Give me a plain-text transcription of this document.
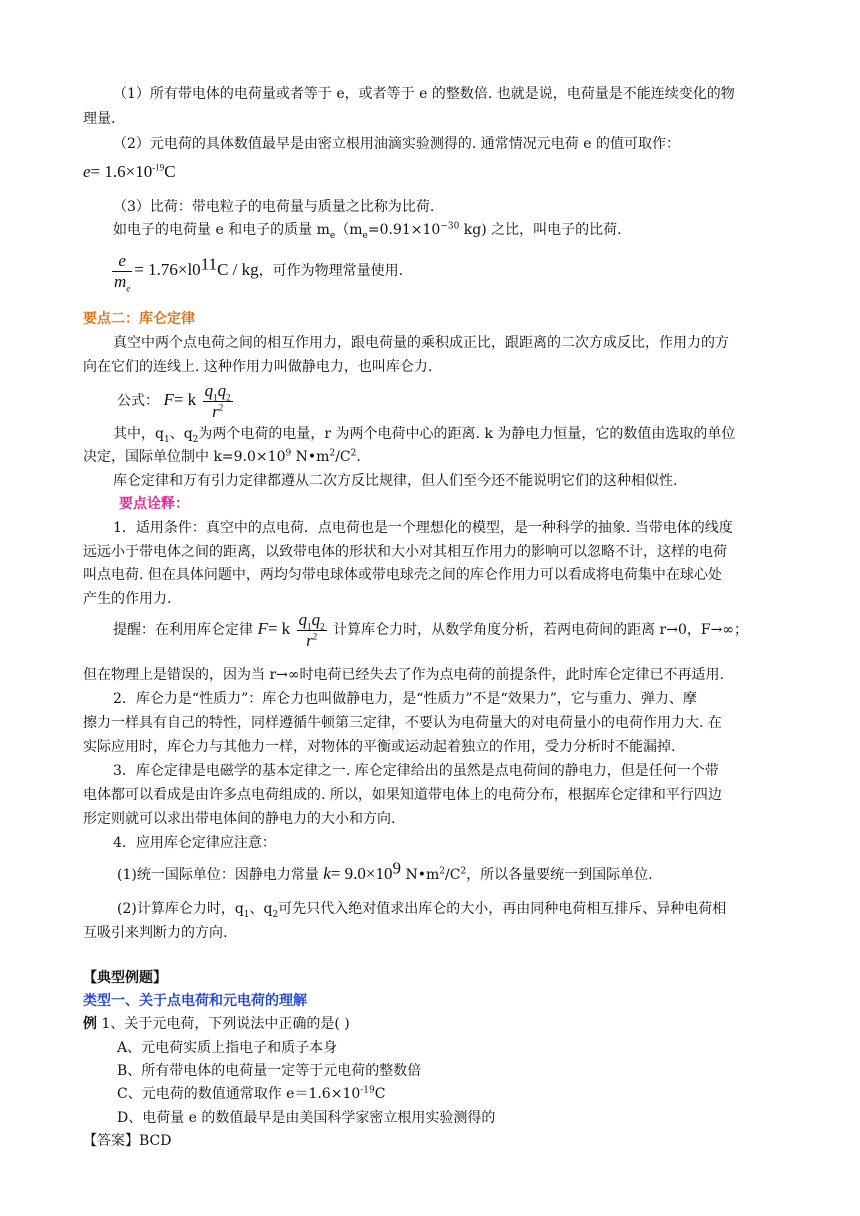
（1）所有带电体的电荷量或者等于 e，或者等于 e 的整数倍. 也就是说，电荷量是不能连续变化的物
理量.
（2）元电荷的具体数值最早是由密立根用油滴实验测得的. 通常情况元电荷 e 的值可取作：
$e= 1.6\times 10^{-19}C$
（3）比荷：带电粒子的电荷量与质量之比称为比荷.
如电子的电荷量 e 和电子的质量 $m_e(m_e=0.91\times 10^{-30}$ kg) 之比，叫电子的比荷.
$\frac{e}{m_e} = 1.76\times l0^{11}C$ / kg，可作为物理常量使用.
要点二：库仑定律
真空中两个点电荷之间的相互作用力，跟电荷量的乘积成正比，跟距离的二次方成反比，作用力的方
向在它们的连线上. 这种作用力叫做静电力，也叫库仑力.
公式： F= k $\frac{q_1q_2}{r^2}$
其中，$q_1$、$q_2$为两个电荷的电量，r 为两个电荷中心的距离. k 为静电力恒量，它的数值由选取的单位
决定，国际单位制中 $k=9.0\times 10^9$ $N•m^2/C^2$.
库仑定律和万有引力定律都遵从二次方反比规律，但人们至今还不能说明它们的这种相似性.
要点诠释：
1．适用条件：真空中的点电荷．点电荷也是一个理想化的模型，是一种科学的抽象. 当带电体的线度
远远小于带电体之间的距离，以致带电体的形状和大小对其相互作用力的影响可以忽略不计，这样的电荷
叫点电荷. 但在具体问题中，两均匀带电球体或带电球壳之间的库仑作用力可以看成将电荷集中在球心处
产生的作用力.
提醒：在利用库仑定律 F= k $\frac{q_1q_2}{r^2}$ 计算库仑力时，从数学角度分析，若两电荷间的距离 r→0，F→∞；
但在物理上是错误的，因为当 r→∞时电荷已经失去了作为点电荷的前提条件，此时库仑定律已不再适用.
2．库仑力是“性质力”：库仑力也叫做静电力，是“性质力”不是“效果力”，它与重力、弹力、摩
擦力一样具有自己的特性，同样遵循牛顿第三定律，不要认为电荷量大的对电荷量小的电荷作用力大. 在
实际应用时，库仑力与其他力一样，对物体的平衡或运动起着独立的作用，受力分析时不能漏掉.
3．库仑定律是电磁学的基本定律之一. 库仑定律给出的虽然是点电荷间的静电力，但是任何一个带
电体都可以看成是由许多点电荷组成的. 所以，如果知道带电体上的电荷分布，根据库仑定律和平行四边
形定则就可以求出带电体间的静电力的大小和方向.
4．应用库仑定律应注意：
(1)统一国际单位：因静电力常量 $k= 9.0\times 10^9$ $N•m^2/C^2$，所以各量要统一到国际单位.
(2)计算库仑力时，$q_1$、$q_2$可先只代入绝对值求出库仑的大小，再由同种电荷相互排斥、异种电荷相
互吸引来判断力的方向.
【典型例题】
类型一、关于点电荷和元电荷的理解
例 1、关于元电荷，下列说法中正确的是( )
A、元电荷实质上指电子和质子本身
B、所有带电体的电荷量一定等于元电荷的整数倍
C、元电荷的数值通常取作 $e=1.6\times 10^{-19}C$
D、电荷量 e 的数值最早是由美国科学家密立根用实验测得的
【答案】BCD
